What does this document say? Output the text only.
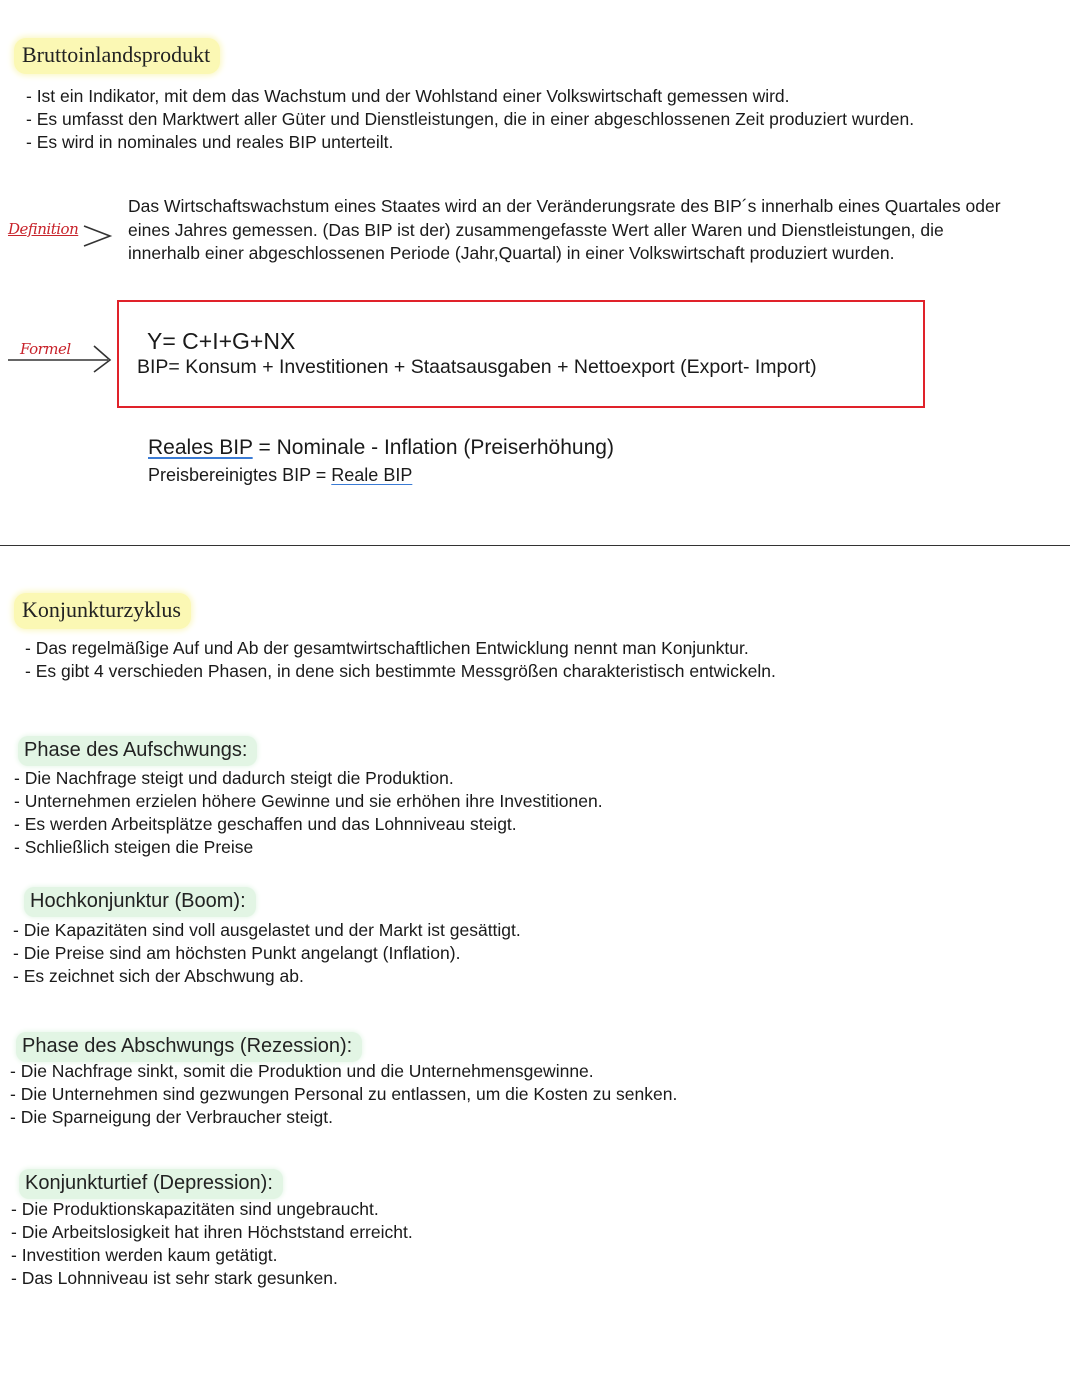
Bruttoinlandsprodukt
- Ist ein Indikator, mit dem das Wachstum und der Wohlstand einer Volkswirtschaft gemessen wird.
- Es umfasst den Marktwert aller Güter und Dienstleistungen, die in einer abgeschlossenen Zeit produziert wurden.
- Es wird in nominales und reales BIP unterteilt.
Definition
Das Wirtschaftswachstum eines Staates wird an der Veränderungsrate des BIP´s innerhalb eines Quartales oder eines Jahres gemessen. (Das BIP ist der) zusammengefasste Wert aller Waren und Dienstleistungen, die innerhalb einer abgeschlossenen Periode (Jahr,Quartal) in einer Volkswirtschaft produziert wurden.
Formel	Y= C+I+G+NX
BIP= Konsum + Investitionen + Staatsausgaben + Nettoexport (Export- Import)
Reales BIP = Nominale - Inflation (Preiserhöhung)
Preisbereinigtes BIP = Reale BIP
Konjunkturzyklus
- Das regelmäßige Auf und Ab der gesamtwirtschaftlichen Entwicklung nennt man Konjunktur.
- Es gibt 4 verschieden Phasen, in dene sich bestimmte Messgrößen charakteristisch entwickeln.
Phase des Aufschwungs:
- Die Nachfrage steigt und dadurch steigt die Produktion.
- Unternehmen erzielen höhere Gewinne und sie erhöhen ihre Investitionen.
- Es werden Arbeitsplätze geschaffen und das Lohnniveau steigt.
- Schließlich steigen die Preise
Hochkonjunktur (Boom):
- Die Kapazitäten sind voll ausgelastet und der Markt ist gesättigt.
- Die Preise sind am höchsten Punkt angelangt (Inflation).
- Es zeichnet sich der Abschwung ab.
Phase des Abschwungs (Rezession):
- Die Nachfrage sinkt, somit die Produktion und die Unternehmensgewinne.
- Die Unternehmen sind gezwungen Personal zu entlassen, um die Kosten zu senken.
- Die Sparneigung der Verbraucher steigt.
Konjunkturtief (Depression):
- Die Produktionskapazitäten sind ungebraucht.
- Die Arbeitslosigkeit hat ihren Höchststand erreicht.
- Investition werden kaum getätigt.
- Das Lohnniveau ist sehr stark gesunken.
